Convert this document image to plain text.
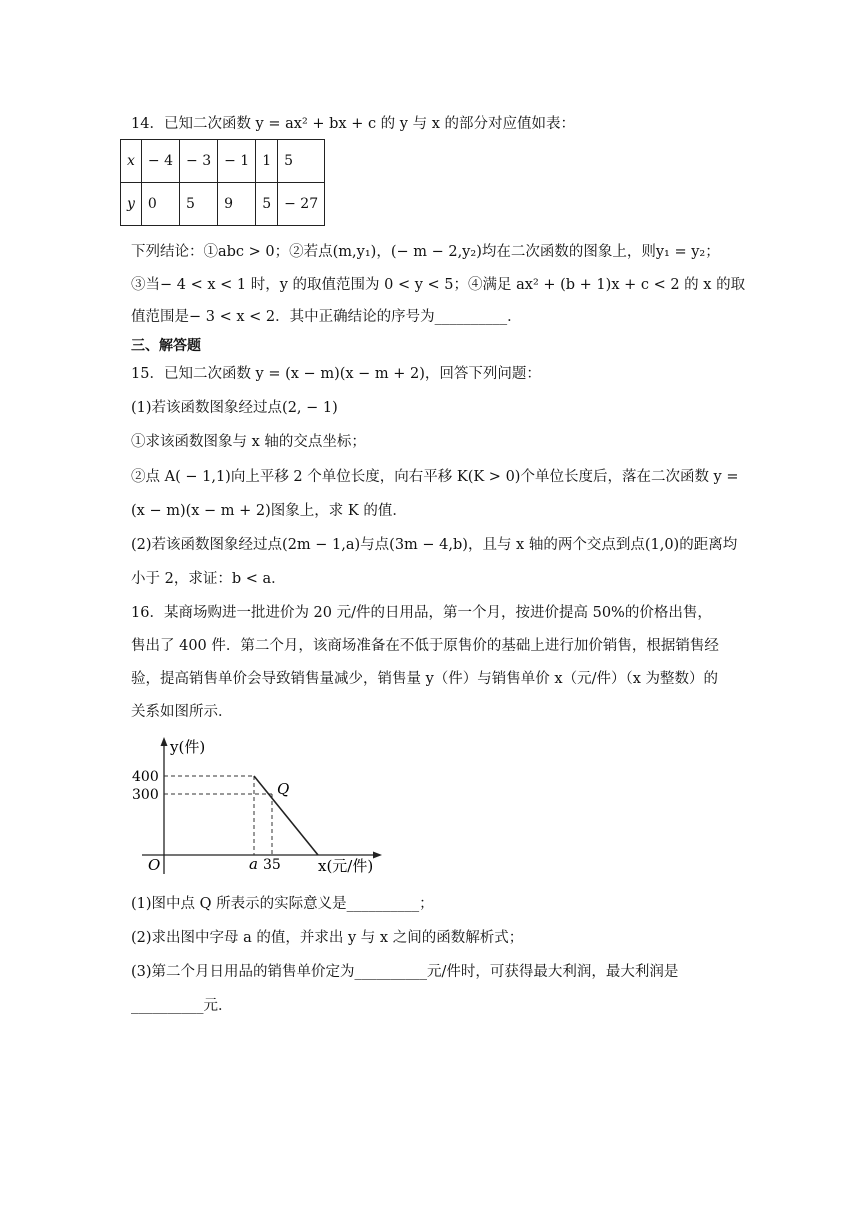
14．已知二次函数 y = ax² + bx + c 的 y 与 x 的部分对应值如表：
x	− 4	− 3	− 1	1	5
y	0	5	9	5	− 27
下列结论：①abc > 0；②若点(m,y₁)，(− m − 2,y₂)均在二次函数的图象上，则y₁ = y₂；
③当− 4 < x < 1 时，y 的取值范围为 0 < y < 5；④满足 ax² + (b + 1)x + c < 2 的 x 的取
值范围是− 3 < x < 2．其中正确结论的序号为__________．
三、解答题
15．已知二次函数 y = (x − m)(x − m + 2)，回答下列问题：
(1)若该函数图象经过点(2, − 1)
①求该函数图象与 x 轴的交点坐标；
②点 A( − 1,1)向上平移 2 个单位长度，向右平移 K(K > 0)个单位长度后，落在二次函数 y =
(x − m)(x − m + 2)图象上，求 K 的值．
(2)若该函数图象经过点(2m − 1,a)与点(3m − 4,b)，且与 x 轴的两个交点到点(1,0)的距离均
小于 2，求证：b < a．
16．某商场购进一批进价为 20 元/件的日用品，第一个月，按进价提高 50%的价格出售，
售出了 400 件．第二个月，该商场准备在不低于原售价的基础上进行加价销售，根据销售经
验，提高销售单价会导致销售量减少，销售量 y（件）与销售单价 x（元/件）（x 为整数）的
关系如图所示．
y(件)
400
300	Q
O	a 35 x(元/件)
(1)图中点 Q 所表示的实际意义是__________；
(2)求出图中字母 a 的值，并求出 y 与 x 之间的函数解析式；
(3)第二个月日用品的销售单价定为__________元/件时，可获得最大利润，最大利润是
__________元．
